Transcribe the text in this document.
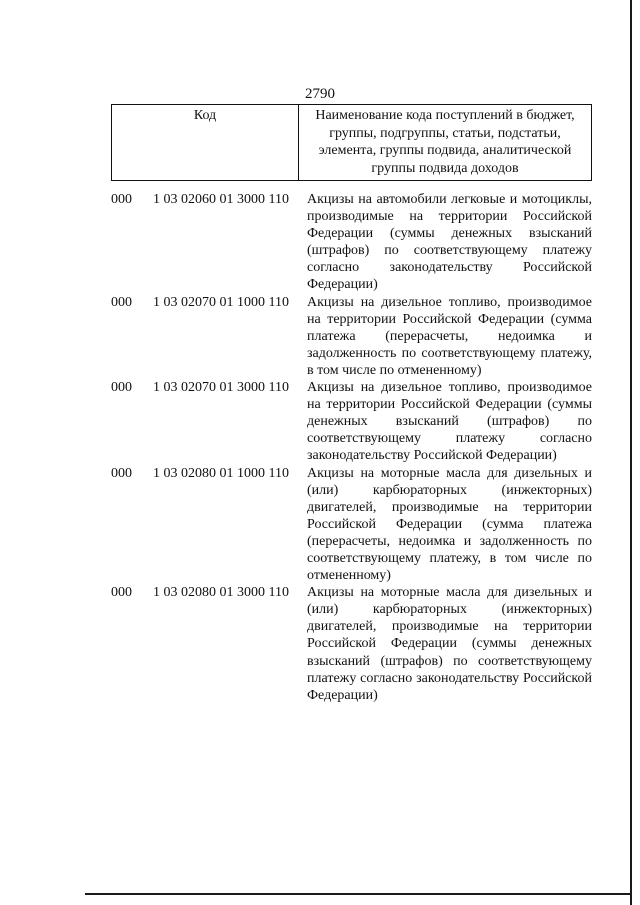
2790
Код	Наименование кода поступлений в бюджет, группы, подгруппы, статьи, подстатьи, элемента, группы подвида, аналитической группы подвида доходов
000	1 03 02060 01 3000 110	Акцизы на автомобили легковые и мотоциклы, производимые на территории Российской Федерации (суммы денежных взысканий (штрафов) по соответствующему платежу согласно законодательству Российской Федерации)
000	1 03 02070 01 1000 110	Акцизы на дизельное топливо, производимое на территории Российской Федерации (сумма платежа (перерасчеты, недоимка и задолженность по соответствующему платежу, в том числе по отмененному)
000	1 03 02070 01 3000 110	Акцизы на дизельное топливо, производимое на территории Российской Федерации (суммы денежных взысканий (штрафов) по соответствующему платежу согласно законодательству Российской Федерации)
000	1 03 02080 01 1000 110	Акцизы на моторные масла для дизельных и (или) карбюраторных (инжекторных) двигателей, производимые на территории Российской Федерации (сумма платежа (перерасчеты, недоимка и задолженность по соответствующему платежу, в том числе по отмененному)
000	1 03 02080 01 3000 110	Акцизы на моторные масла для дизельных и (или) карбюраторных (инжекторных) двигателей, производимые на территории Российской Федерации (суммы денежных взысканий (штрафов) по соответствующему платежу согласно законодательству Российской Федерации)
